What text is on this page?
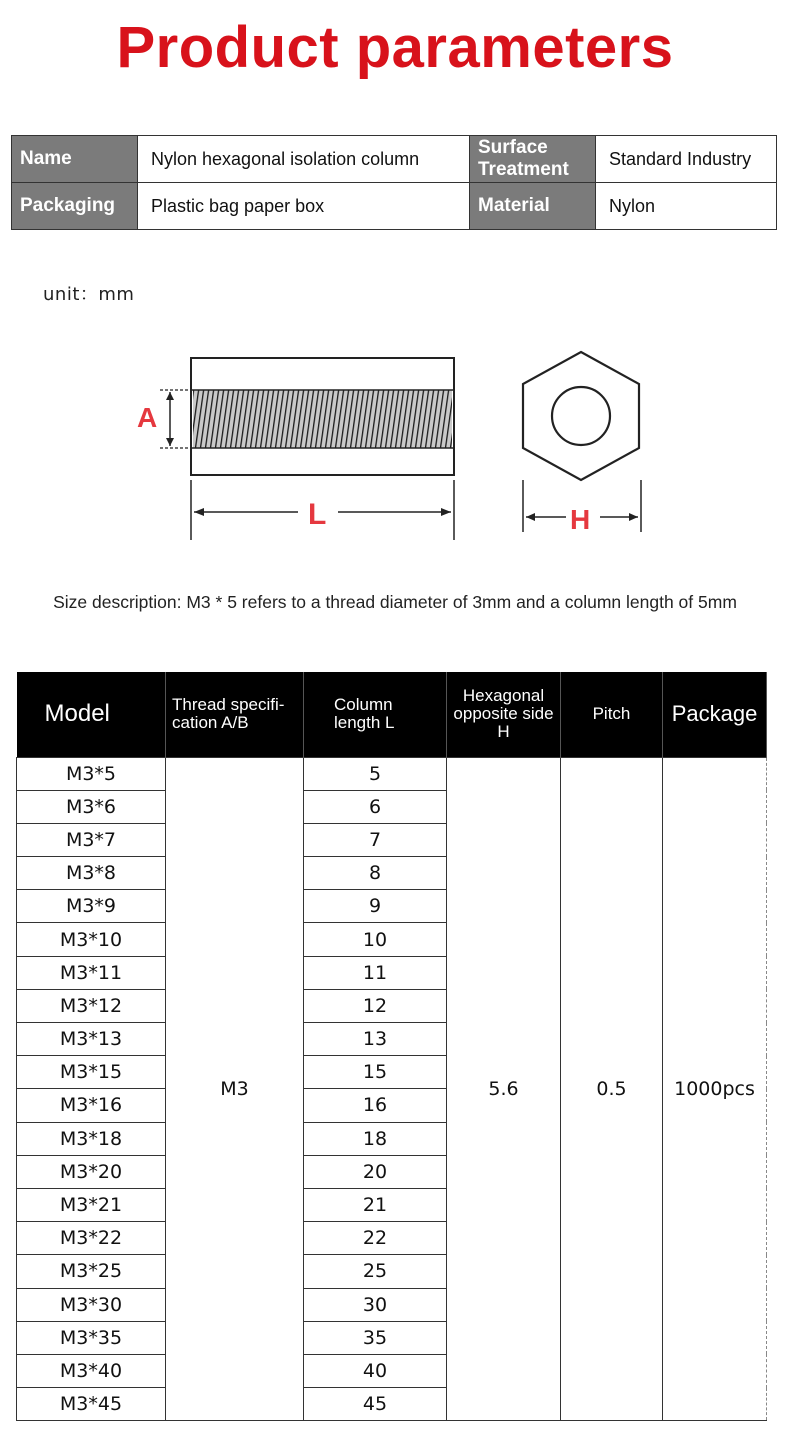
Product parameters
Name	Nylon hexagonal isolation column	Surface Treatment	Standard Industry
Packaging	Plastic bag paper box	Material	Nylon
unit：mm
A
L	H
Size description: M3 * 5 refers to a thread diameter of 3mm and a column length of 5mm
Model	Thread specifi-cation A/B	Column length L	Hexagonal opposite side H	Pitch	Package
M3*5	M3	5	5.6	0.5	1000pcs
M3*6		6			
M3*7		7			
M3*8		8			
M3*9		9			
M3*10		10			
M3*11		11			
M3*12		12			
M3*13		13			
M3*15		15			
M3*16		16			
M3*18		18			
M3*20		20			
M3*21		21			
M3*22		22			
M3*25		25			
M3*30		30			
M3*35		35			
M3*40		40			
M3*45		45			
